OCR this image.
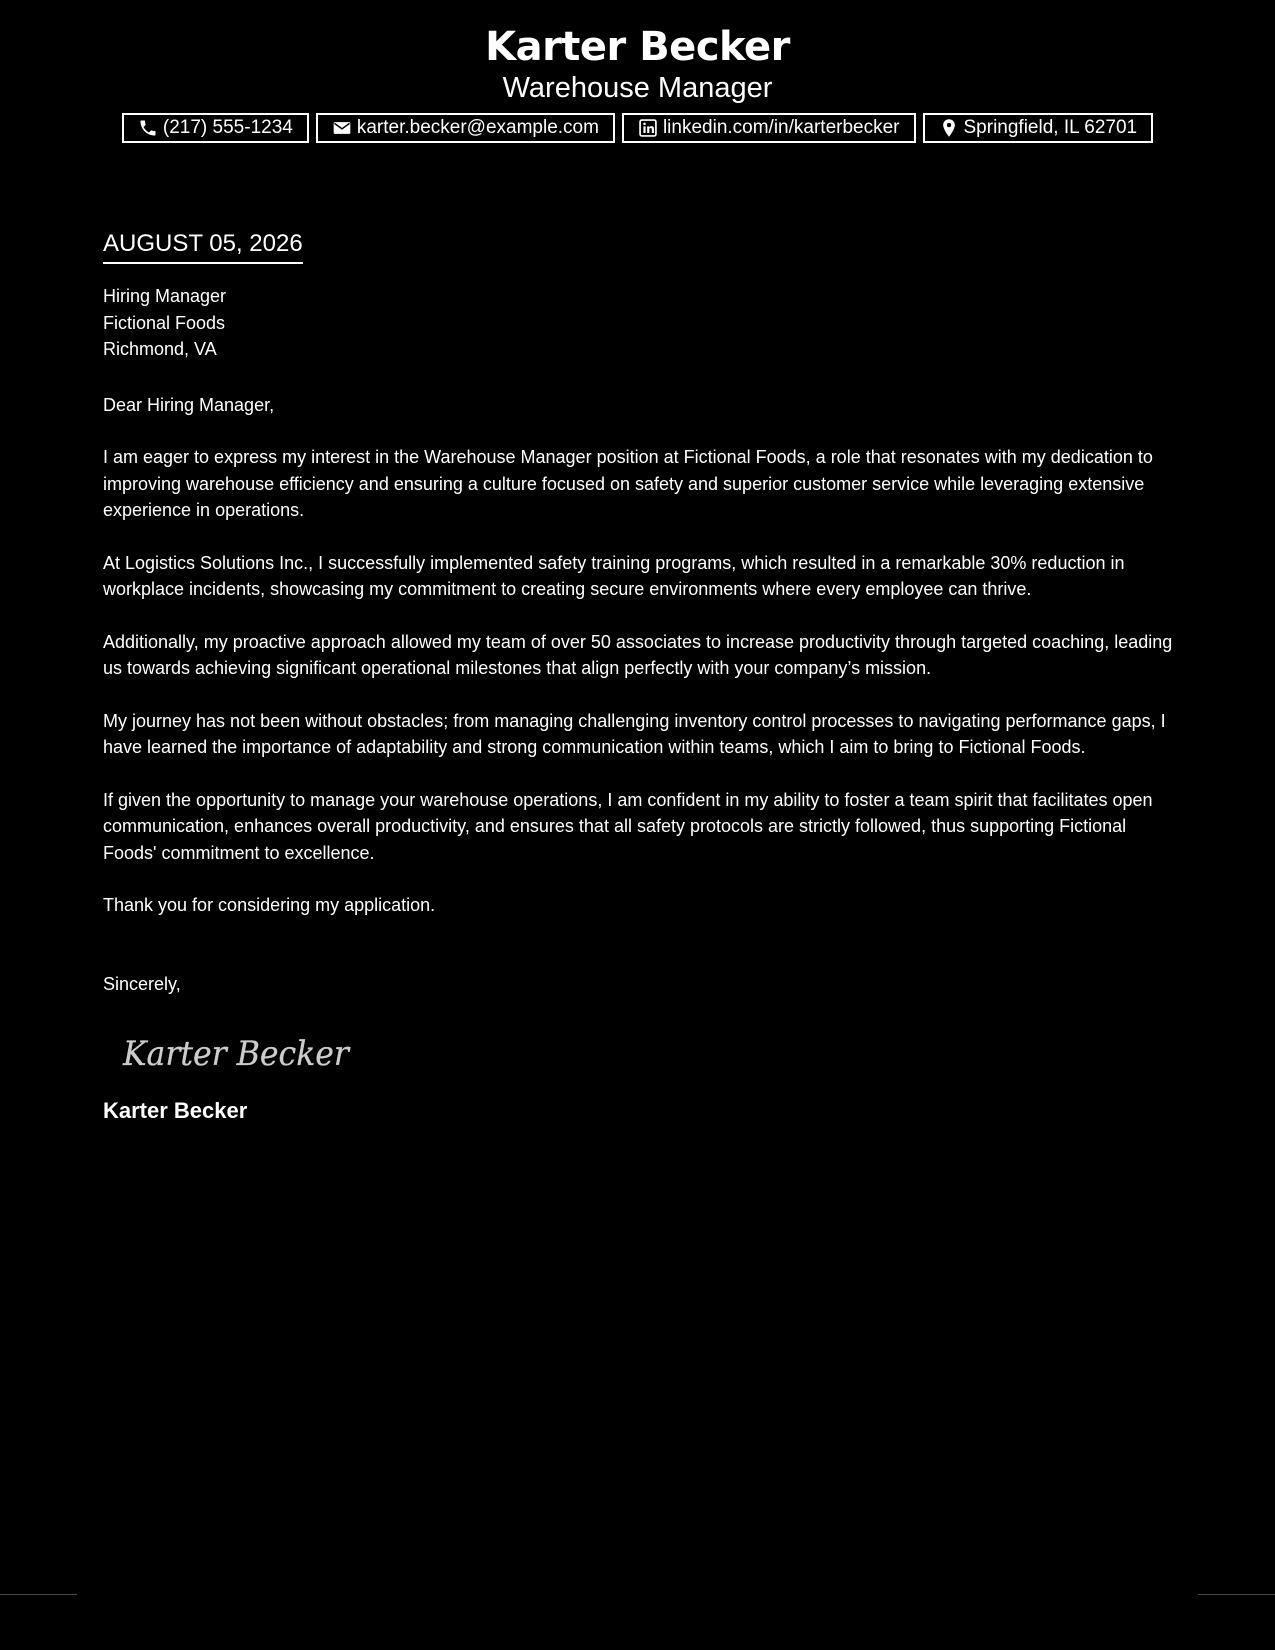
Karter Becker
Warehouse Manager
(217) 555-1234	karter.becker@example.com	linkedin.com/in/karterbecker	Springfield, IL 62701
AUGUST 05, 2026
Hiring Manager
Fictional Foods
Richmond, VA
Dear Hiring Manager,

I am eager to express my interest in the Warehouse Manager position at Fictional Foods, a role that resonates with my dedication to improving warehouse efficiency and ensuring a culture focused on safety and superior customer service while leveraging extensive experience in operations.

At Logistics Solutions Inc., I successfully implemented safety training programs, which resulted in a remarkable 30% reduction in workplace incidents, showcasing my commitment to creating secure environments where every employee can thrive.

Additionally, my proactive approach allowed my team of over 50 associates to increase productivity through targeted coaching, leading us towards achieving significant operational milestones that align perfectly with your company’s mission.

My journey has not been without obstacles; from managing challenging inventory control processes to navigating performance gaps, I have learned the importance of adaptability and strong communication within teams, which I aim to bring to Fictional Foods.

If given the opportunity to manage your warehouse operations, I am confident in my ability to foster a team spirit that facilitates open communication, enhances overall productivity, and ensures that all safety protocols are strictly followed, thus supporting Fictional Foods' commitment to excellence.

Thank you for considering my application.

Sincerely,
Karter Becker
Karter Becker
